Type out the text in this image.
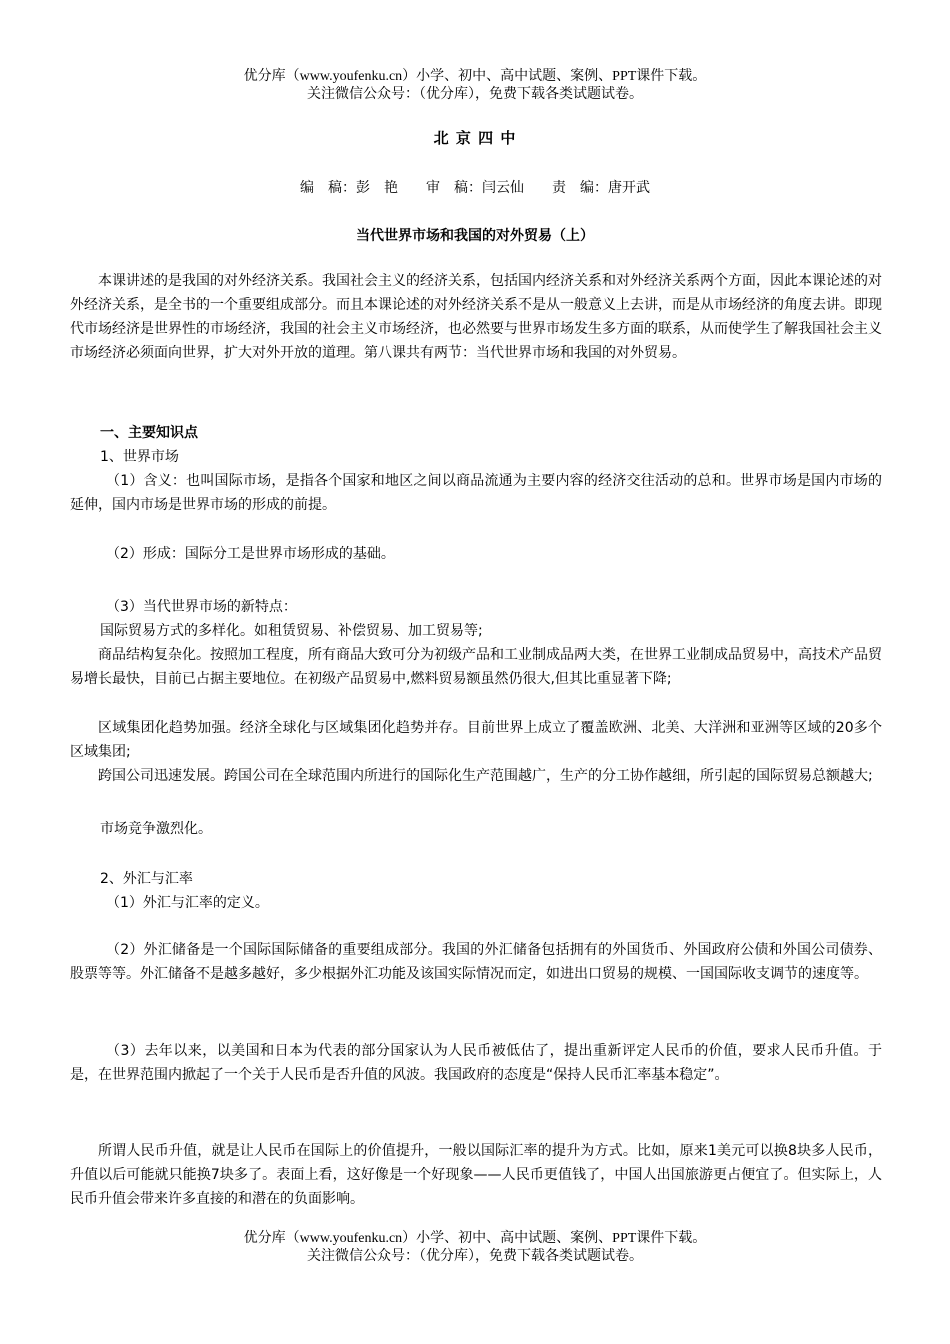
优分库（www.youfenku.cn）小学、初中、高中试题、案例、PPT课件下载。
关注微信公众号：（优分库），免费下载各类试题试卷。
北 京 四 中
编　稿：彭　艳　　审　稿：闫云仙　　责　编：唐开武
当代世界市场和我国的对外贸易（上）
本课讲述的是我国的对外经济关系。我国社会主义的经济关系，包括国内经济关系和对外经济关系两个方面，因此本课论述的对外经济关系，是全书的一个重要组成部分。而且本课论述的对外经济关系不是从一般意义上去讲，而是从市场经济的角度去讲。即现代市场经济是世界性的市场经济，我国的社会主义市场经济，也必然要与世界市场发生多方面的联系，从而使学生了解我国社会主义市场经济必须面向世界，扩大对外开放的道理。第八课共有两节：当代世界市场和我国的对外贸易。
一、主要知识点
1、世界市场
（1）含义：也叫国际市场，是指各个国家和地区之间以商品流通为主要内容的经济交往活动的总和。世界市场是国内市场的延伸，国内市场是世界市场的形成的前提。
（2）形成：国际分工是世界市场形成的基础。
（3）当代世界市场的新特点：
国际贸易方式的多样化。如租赁贸易、补偿贸易、加工贸易等;
商品结构复杂化。按照加工程度，所有商品大致可分为初级产品和工业制成品两大类，在世界工业制成品贸易中，高技术产品贸易增长最快，目前已占据主要地位。在初级产品贸易中,燃料贸易额虽然仍很大,但其比重显著下降;
区域集团化趋势加强。经济全球化与区域集团化趋势并存。目前世界上成立了覆盖欧洲、北美、大洋洲和亚洲等区域的20多个区域集团;
跨国公司迅速发展。跨国公司在全球范围内所进行的国际化生产范围越广，生产的分工协作越细，所引起的国际贸易总额越大;
市场竞争激烈化。
2、外汇与汇率
（1）外汇与汇率的定义。
（2）外汇储备是一个国际国际储备的重要组成部分。我国的外汇储备包括拥有的外国货币、外国政府公债和外国公司债券、股票等等。外汇储备不是越多越好，多少根据外汇功能及该国实际情况而定，如进出口贸易的规模、一国国际收支调节的速度等。
（3）去年以来，以美国和日本为代表的部分国家认为人民币被低估了，提出重新评定人民币的价值，要求人民币升值。于是，在世界范围内掀起了一个关于人民币是否升值的风波。我国政府的态度是“保持人民币汇率基本稳定”。
所谓人民币升值，就是让人民币在国际上的价值提升，一般以国际汇率的提升为方式。比如，原来1美元可以换8块多人民币，升值以后可能就只能换7块多了。表面上看，这好像是一个好现象——人民币更值钱了，中国人出国旅游更占便宜了。但实际上，人民币升值会带来许多直接的和潜在的负面影响。
优分库（www.youfenku.cn）小学、初中、高中试题、案例、PPT课件下载。
关注微信公众号：（优分库），免费下载各类试题试卷。
